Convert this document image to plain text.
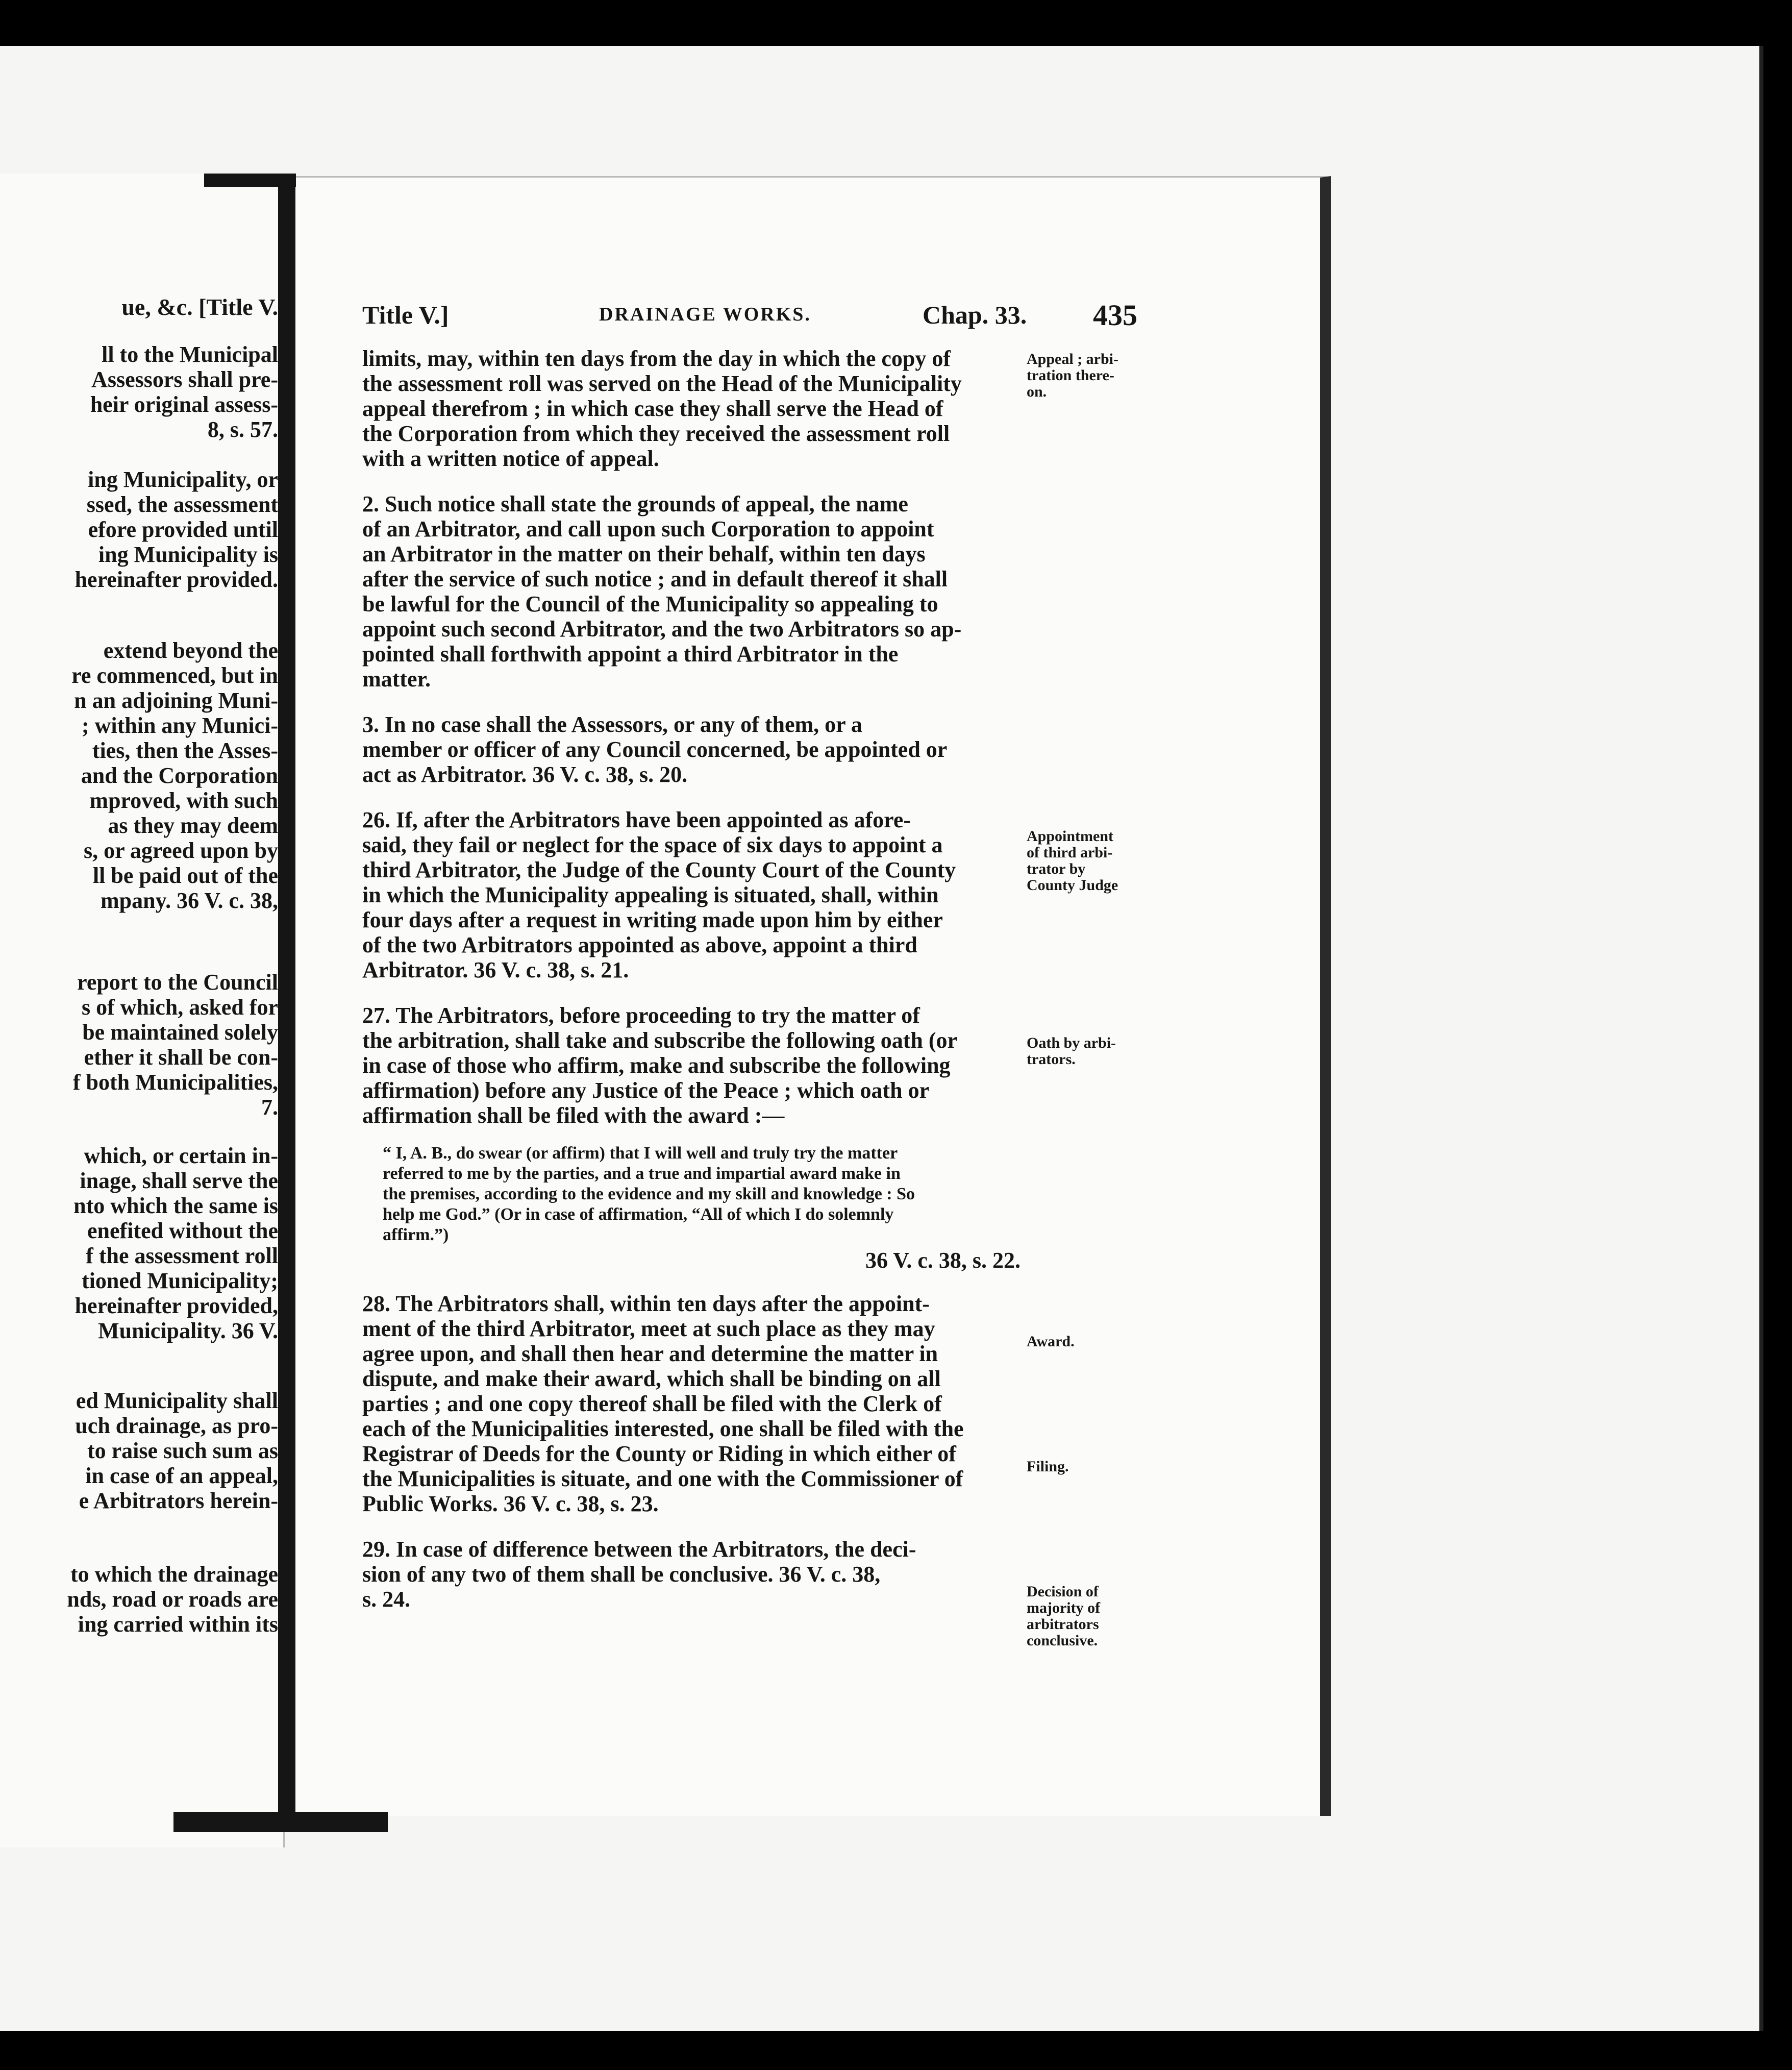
ue, &c. [Title V.
ll to the Municipal
Assessors shall pre-
heir original assess-
8, s. 57.
ing Municipality, or
ssed, the assessment
efore provided until
ing Municipality is
hereinafter provided.
extend beyond the
re commenced, but in
n an adjoining Muni-
; within any Munici-
ties, then the Asses-
and the Corporation
mproved, with such
as they may deem
s, or agreed upon by
ll be paid out of the
mpany. 36 V. c. 38,
report to the Council
s of which, asked for
be maintained solely
ether it shall be con-
f both Municipalities,
7.
which, or certain in-
inage, shall serve the
nto which the same is
enefited without the
f the assessment roll
tioned Municipality;
hereinafter provided,
Municipality. 36 V.
ed Municipality shall
uch drainage, as pro-
to raise such sum as
in case of an appeal,
e Arbitrators herein-
to which the drainage
nds, road or roads are
ing carried within its
Title V.]	DRAINAGE WORKS.	Chap. 33. 435
limits, may, within ten days from the day in which the copy of
the assessment roll was served on the Head of the Municipality
appeal therefrom ; in which case they shall serve the Head of
the Corporation from which they received the assessment roll
with a written notice of appeal.
2. Such notice shall state the grounds of appeal, the name
of an Arbitrator, and call upon such Corporation to appoint
an Arbitrator in the matter on their behalf, within ten days
after the service of such notice ; and in default thereof it shall
be lawful for the Council of the Municipality so appealing to
appoint such second Arbitrator, and the two Arbitrators so ap-
pointed shall forthwith appoint a third Arbitrator in the
matter.
3. In no case shall the Assessors, or any of them, or a
member or officer of any Council concerned, be appointed or
act as Arbitrator. 36 V. c. 38, s. 20.
26. If, after the Arbitrators have been appointed as afore-
said, they fail or neglect for the space of six days to appoint a
third Arbitrator, the Judge of the County Court of the County
in which the Municipality appealing is situated, shall, within
four days after a request in writing made upon him by either
of the two Arbitrators appointed as above, appoint a third
Arbitrator. 36 V. c. 38, s. 21.
27. The Arbitrators, before proceeding to try the matter of
the arbitration, shall take and subscribe the following oath (or
in case of those who affirm, make and subscribe the following
affirmation) before any Justice of the Peace ; which oath or
affirmation shall be filed with the award :—
“ I, A. B., do swear (or affirm) that I will well and truly try the matter
referred to me by the parties, and a true and impartial award make in
the premises, according to the evidence and my skill and knowledge : So
help me God.” (Or in case of affirmation, “All of which I do solemnly
affirm.”)
36 V. c. 38, s. 22.
28. The Arbitrators shall, within ten days after the appoint-
ment of the third Arbitrator, meet at such place as they may
agree upon, and shall then hear and determine the matter in
dispute, and make their award, which shall be binding on all
parties ; and one copy thereof shall be filed with the Clerk of
each of the Municipalities interested, one shall be filed with the
Registrar of Deeds for the County or Riding in which either of
the Municipalities is situate, and one with the Commissioner of
Public Works. 36 V. c. 38, s. 23.
29. In case of difference between the Arbitrators, the deci-
sion of any two of them shall be conclusive. 36 V. c. 38,
s. 24.
Appeal ; arbi-
tration there-
on.
Appointment
of third arbi-
trator by
County Judge
Oath by arbi-
trators.
Award.
Filing.
Decision of
majority of
arbitrators
conclusive.
